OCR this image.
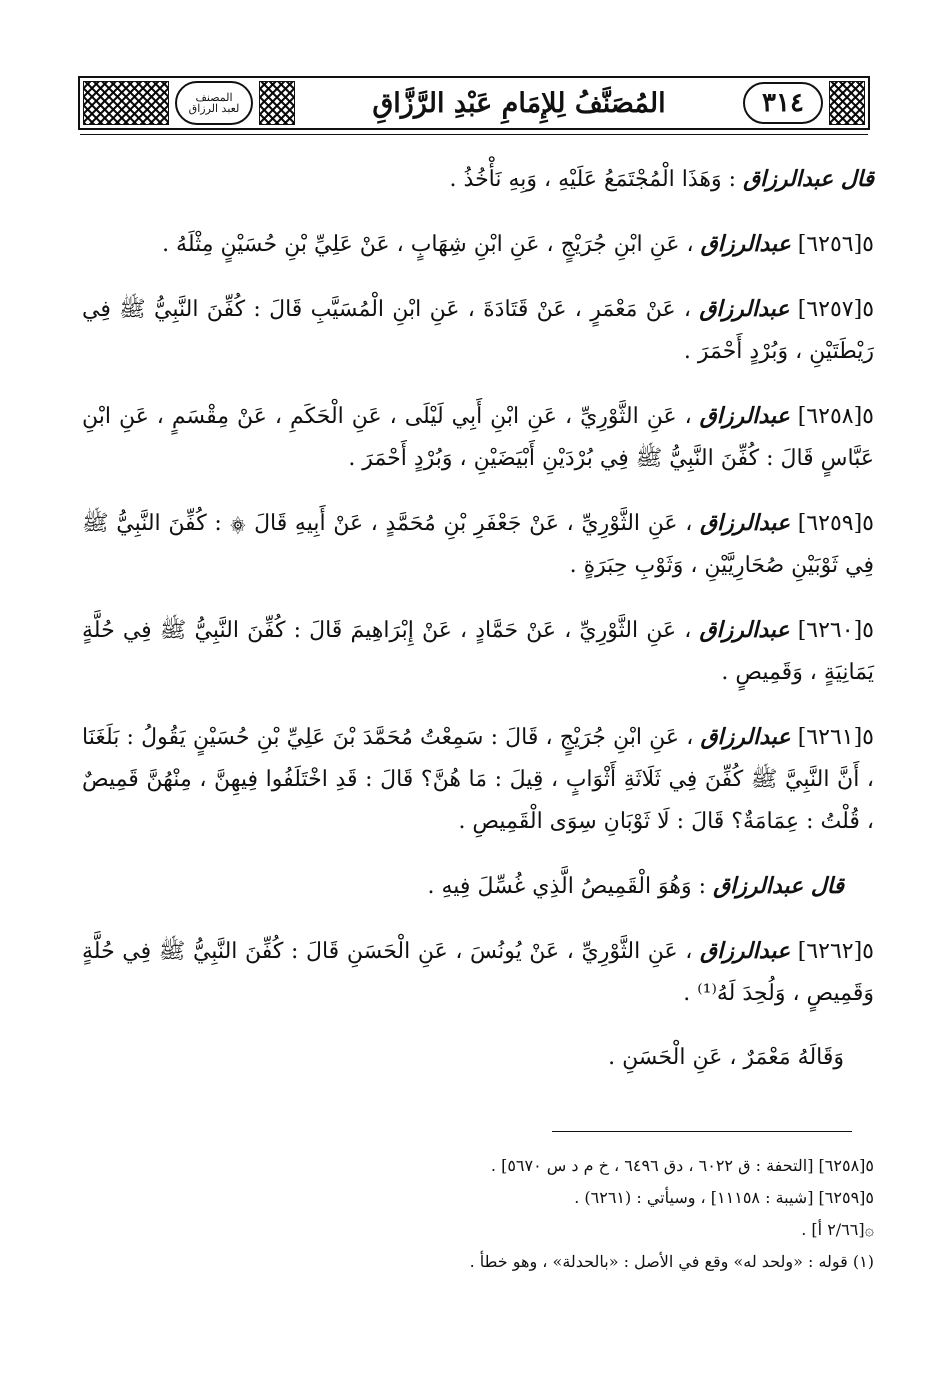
المصنف
لعبد الرزاق	المُصَنَّفُ لِلإِمَامِ عَبْدِ الرَّزَّاقِ	٣١٤

قال عبدالرزاق : وَهَذَا الْمُجْتَمَعُ عَلَيْهِ ، وَبِهِ نَأْخُذُ .

٥[٦٢٥٦] عبدالرزاق ، عَنِ ابْنِ جُرَيْجٍ ، عَنِ ابْنِ شِهَابٍ ، عَنْ عَلِيِّ بْنِ حُسَيْنٍ مِثْلَهُ .

٥[٦٢٥٧] عبدالرزاق ، عَنْ مَعْمَرٍ ، عَنْ قَتَادَةَ ، عَنِ ابْنِ الْمُسَيَّبِ قَالَ : كُفِّنَ النَّبِيُّ ﷺ فِي رَيْطَتَيْنِ ، وَبُرْدٍ أَحْمَرَ .

٥[٦٢٥٨] عبدالرزاق ، عَنِ الثَّوْرِيِّ ، عَنِ ابْنِ أَبِي لَيْلَى ، عَنِ الْحَكَمِ ، عَنْ مِقْسَمٍ ، عَنِ ابْنِ عَبَّاسٍ قَالَ : كُفِّنَ النَّبِيُّ ﷺ فِي بُرْدَيْنِ أَبْيَضَيْنِ ، وَبُرْدٍ أَحْمَرَ .

٥[٦٢٥٩] عبدالرزاق ، عَنِ الثَّوْرِيِّ ، عَنْ جَعْفَرِ بْنِ مُحَمَّدٍ ، عَنْ أَبِيهِ قَالَ ۞ : كُفِّنَ النَّبِيُّ ﷺ فِي ثَوْبَيْنِ صُحَارِيَّيْنِ ، وَثَوْبِ حِبَرَةٍ .

٥[٦٢٦٠] عبدالرزاق ، عَنِ الثَّوْرِيِّ ، عَنْ حَمَّادٍ ، عَنْ إِبْرَاهِيمَ قَالَ : كُفِّنَ النَّبِيُّ ﷺ فِي حُلَّةٍ يَمَانِيَةٍ ، وَقَمِيصٍ .

٥[٦٢٦١] عبدالرزاق ، عَنِ ابْنِ جُرَيْجٍ ، قَالَ : سَمِعْتُ مُحَمَّدَ بْنَ عَلِيِّ بْنِ حُسَيْنٍ يَقُولُ : بَلَغَنَا ، أَنَّ النَّبِيَّ ﷺ كُفِّنَ فِي ثَلَاثَةِ أَثْوَابٍ ، قِيلَ : مَا هُنَّ؟ قَالَ : قَدِ اخْتَلَفُوا فِيهِنَّ ، مِنْهُنَّ قَمِيصٌ ، قُلْتُ : عِمَامَةٌ؟ قَالَ : لَا ثَوْبَانِ سِوَى الْقَمِيصِ .

قال عبدالرزاق : وَهُوَ الْقَمِيصُ الَّذِي غُسِّلَ فِيهِ .

٥[٦٢٦٢] عبدالرزاق ، عَنِ الثَّوْرِيِّ ، عَنْ يُونُسَ ، عَنِ الْحَسَنِ قَالَ : كُفِّنَ النَّبِيُّ ﷺ فِي حُلَّةٍ وَقَمِيصٍ ، وَلُحِدَ لَهُ⁽¹⁾ .

وَقَالَهُ مَعْمَرٌ ، عَنِ الْحَسَنِ .

٥[٦٢٥٨] [التحفة : ق ٦٠٢٢ ، دق ٦٤٩٦ ، خ م د س ٥٦٧٠] .

٥[٦٢٥٩] [شيبة : ١١١٥٨] ، وسيأتي : (٦٢٦١) .

۞[٢/٦٦ أ] .

(١) قوله : «ولحد له» وقع في الأصل : «بالحدلة» ، وهو خطأ .
